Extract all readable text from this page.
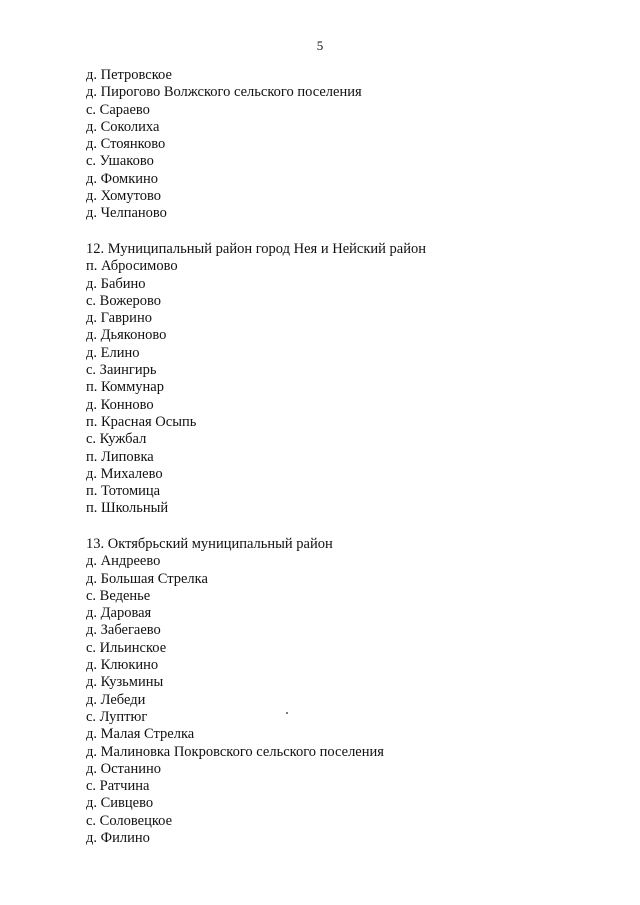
5
д. Петровское
д. Пирогово Волжского сельского поселения
с. Сараево
д. Соколиха
д. Стоянково
с. Ушаково
д. Фомкино
д. Хомутово
д. Челпаново
12. Муниципальный район город Нея и Нейский район
п. Абросимово
д. Бабино
с. Вожерово
д. Гаврино
д. Дьяконово
д. Елино
с. Заингирь
п. Коммунар
д. Конново
п. Красная Осыпь
с. Кужбал
п. Липовка
д. Михалево
п. Тотомица
п. Школьный
13. Октябрьский муниципальный район
д. Андреево
д. Большая Стрелка
с. Веденье
д. Даровая
д. Забегаево
с. Ильинское
д. Клюкино
д. Кузьмины
д. Лебеди
с. Луптюг
д. Малая Стрелка
д. Малиновка Покровского сельского поселения
д. Останино
с. Ратчина
д. Сивцево
с. Соловецкое
д. Филино
